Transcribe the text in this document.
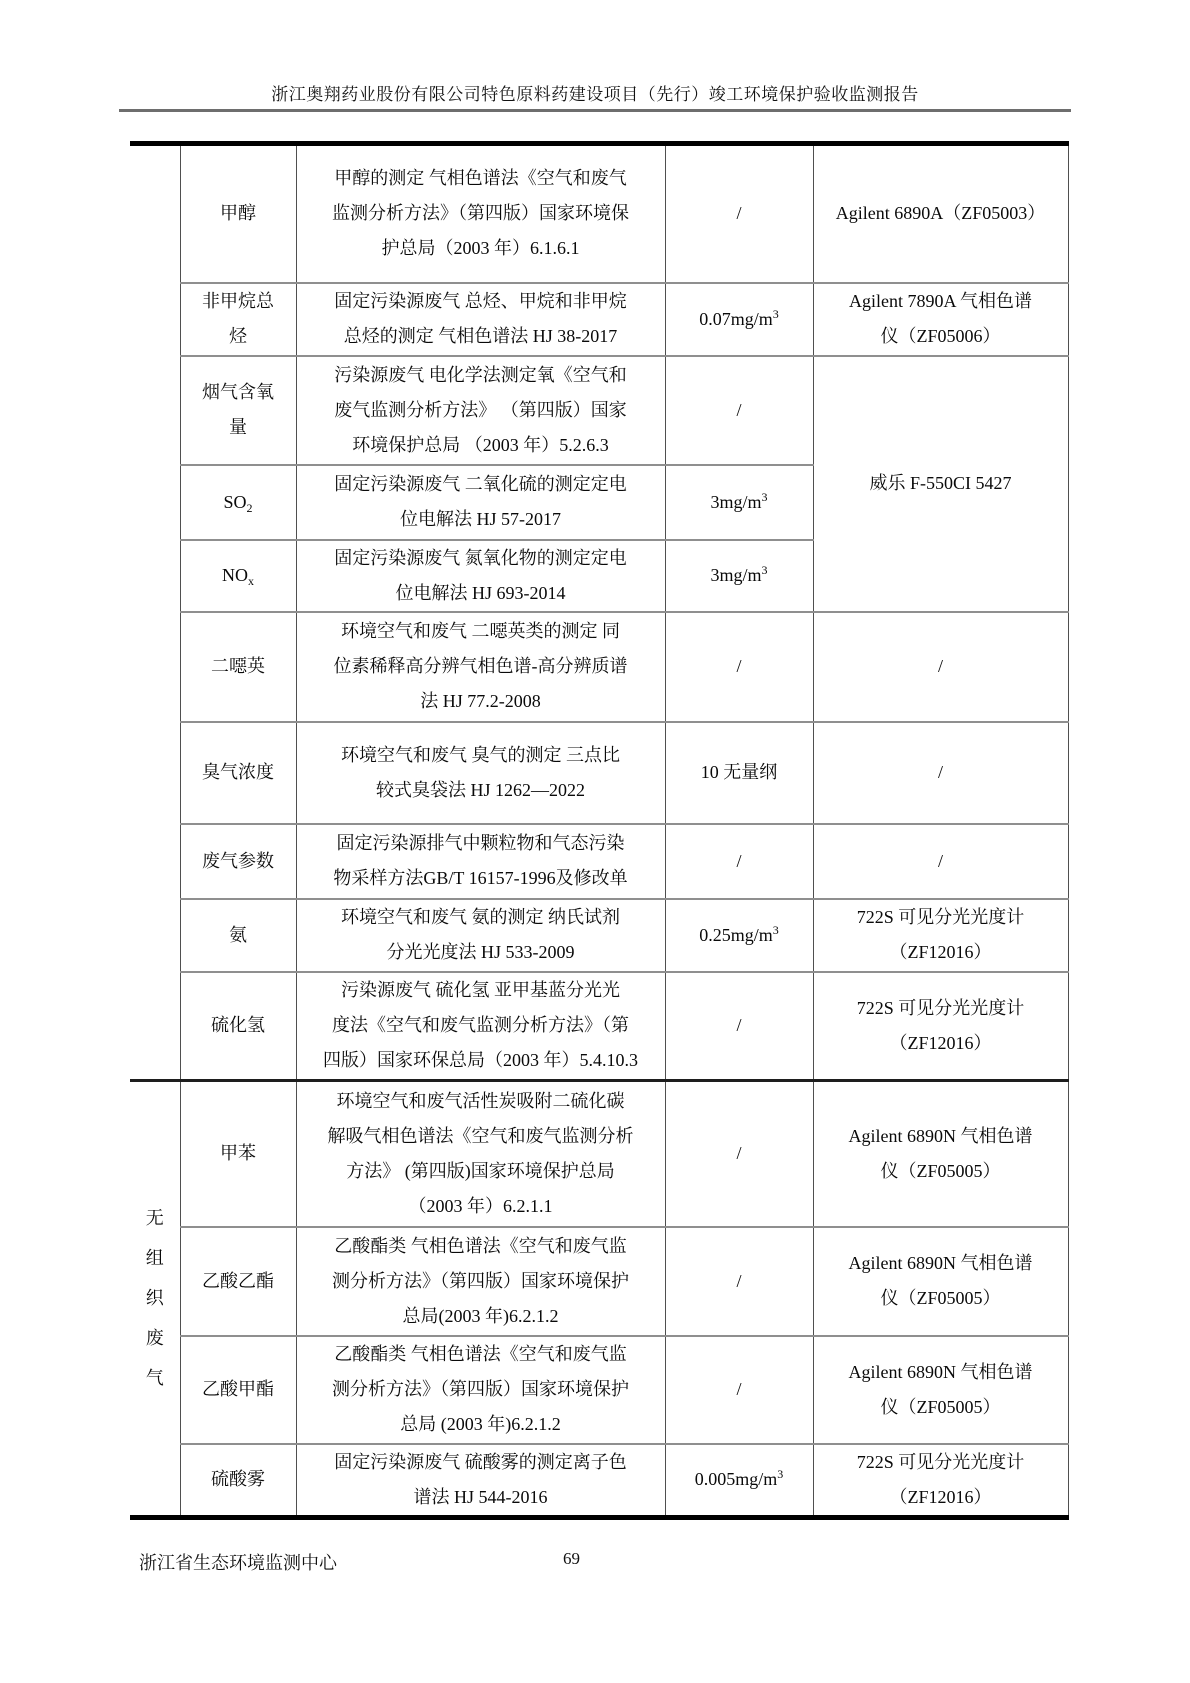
浙江奥翔药业股份有限公司特色原料药建设项目（先行）竣工环境保护验收监测报告
	甲醇	甲醇的测定 气相色谱法《空气和废气
监测分析方法》（第四版）国家环境保
护总局（2003 年）6.1.6.1	/	Agilent 6890A（ZF05003）
	非甲烷总
烃	固定污染源废气 总烃、甲烷和非甲烷
总烃的测定 气相色谱法 HJ 38-2017	$0.07mg/m^3$	Agilent 7890A 气相色谱
仪（ZF05006）
	烟气含氧
量	污染源废气 电化学法测定氧《空气和
废气监测分析方法》 （第四版）国家
环境保护总局 （2003 年）5.2.6.3	/	威乐 F-550CI 5427
	$SO_2$	固定污染源废气 二氧化硫的测定定电
位电解法 HJ 57-2017	$3mg/m^3$
	$NO_x$	固定污染源废气 氮氧化物的测定定电
位电解法 HJ 693-2014	$3mg/m^3$
	二噁英	环境空气和废气 二噁英类的测定 同
位素稀释高分辨气相色谱-高分辨质谱
法 HJ 77.2-2008	/	/
	臭气浓度	环境空气和废气 臭气的测定 三点比
较式臭袋法 HJ 1262—2022	10 无量纲	/
	废气参数	固定污染源排气中颗粒物和气态污染
物采样方法GB/T 16157-1996及修改单	/	/
	氨	环境空气和废气 氨的测定 纳氏试剂
分光光度法 HJ 533-2009	$0.25mg/m^3$	722S 可见分光光度计
（ZF12016）
	硫化氢	污染源废气 硫化氢 亚甲基蓝分光光
度法《空气和废气监测分析方法》（第
四版）国家环保总局（2003 年）5.4.10.3	/	722S 可见分光光度计
（ZF12016）
无
组
织
废
气	甲苯	环境空气和废气活性炭吸附二硫化碳
解吸气相色谱法《空气和废气监测分析
方法》 (第四版)国家环境保护总局
（2003 年）6.2.1.1	/	Agilent 6890N 气相色谱
仪（ZF05005）
	乙酸乙酯	乙酸酯类 气相色谱法《空气和废气监
测分析方法》（第四版）国家环境保护
总局(2003 年)6.2.1.2	/	Agilent 6890N 气相色谱
仪（ZF05005）
	乙酸甲酯	乙酸酯类 气相色谱法《空气和废气监
测分析方法》（第四版）国家环境保护
总局 (2003 年)6.2.1.2	/	Agilent 6890N 气相色谱
仪（ZF05005）
	硫酸雾	固定污染源废气 硫酸雾的测定离子色
谱法 HJ 544-2016	$0.005mg/m^3$	722S 可见分光光度计
（ZF12016）
浙江省生态环境监测中心	69
